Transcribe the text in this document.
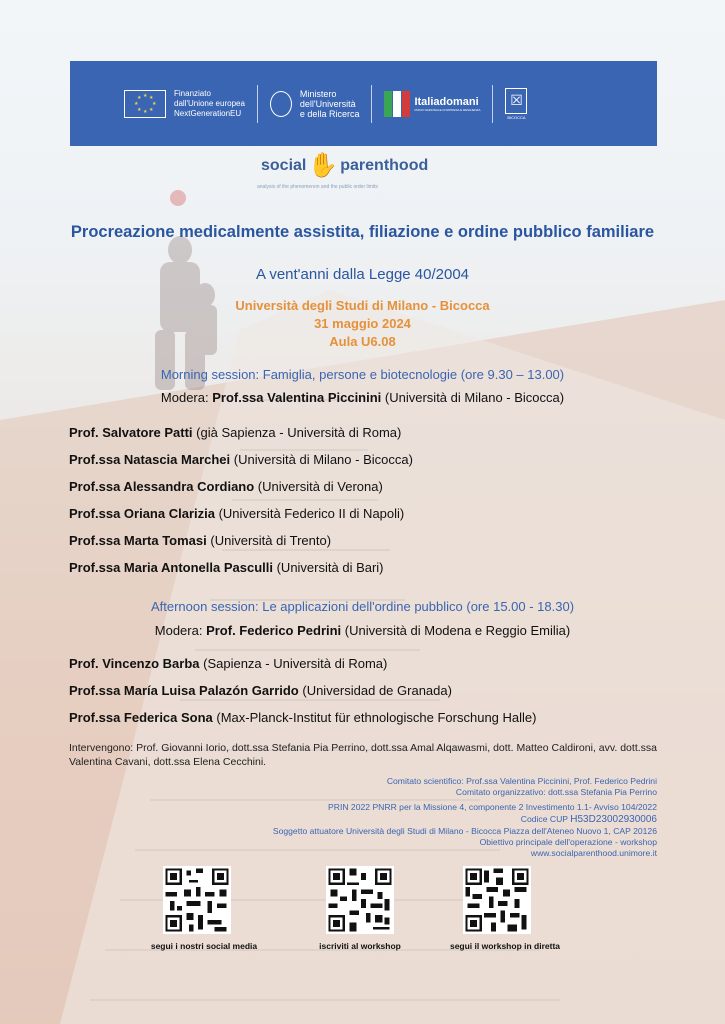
★ ★
★
★
★
★
★
★	Finanziato
dall'Unione europea
NextGenerationEU
Ministero
dell'Università
e della Ricerca
Italiadomani
PIANO NAZIONALE DI RIPRESA E RESILIENZA
☒
BICOCCA
social ✋ parenthood
analysis of the phenomenon and the public order limits
Procreazione medicalmente assistita, filiazione e ordine pubblico familiare
A vent'anni dalla Legge 40/2004
Università degli Studi di Milano - Bicocca
31 maggio 2024
Aula U6.08
Morning session: Famiglia, persone e biotecnologie (ore 9.30 – 13.00)
Modera: Prof.ssa Valentina Piccinini (Università di Milano - Bicocca)
Prof. Salvatore Patti (già Sapienza - Università di Roma)
Prof.ssa Natascia Marchei (Università di Milano - Bicocca)
Prof.ssa Alessandra Cordiano (Università di Verona)
Prof.ssa Oriana Clarizia (Università Federico II di Napoli)
Prof.ssa Marta Tomasi (Università di Trento)
Prof.ssa Maria Antonella Pasculli (Università di Bari)
Afternoon session: Le applicazioni dell'ordine pubblico (ore 15.00 - 18.30)
Modera: Prof. Federico Pedrini (Università di Modena e Reggio Emilia)
Prof. Vincenzo Barba (Sapienza - Università di Roma)
Prof.ssa María Luisa Palazón Garrido (Universidad de Granada)
Prof.ssa Federica Sona (Max-Planck-Institut für ethnologische Forschung Halle)
Intervengono: Prof. Giovanni Iorio, dott.ssa Stefania Pia Perrino, dott.ssa Amal Alqawasmi, dott. Matteo Caldironi, avv. dott.ssa Valentina Cavani, dott.ssa Elena Cecchini.
Comitato scientifico: Prof.ssa Valentina Piccinini, Prof. Federico Pedrini
Comitato organizzativo: dott.ssa Stefania Pia Perrino
PRIN 2022 PNRR per la Missione 4, componente 2 Investimento 1.1- Avviso 104/2022
Codice CUP H53D23002930006
Soggetto attuatore Università degli Studi di Milano - Bicocca Piazza dell'Ateneo Nuovo 1, CAP 20126
Obiettivo principale dell'operazione - workshop
www.socialparenthood.unimore.it
segui i nostri social media	iscriviti al workshop	segui il workshop in diretta
